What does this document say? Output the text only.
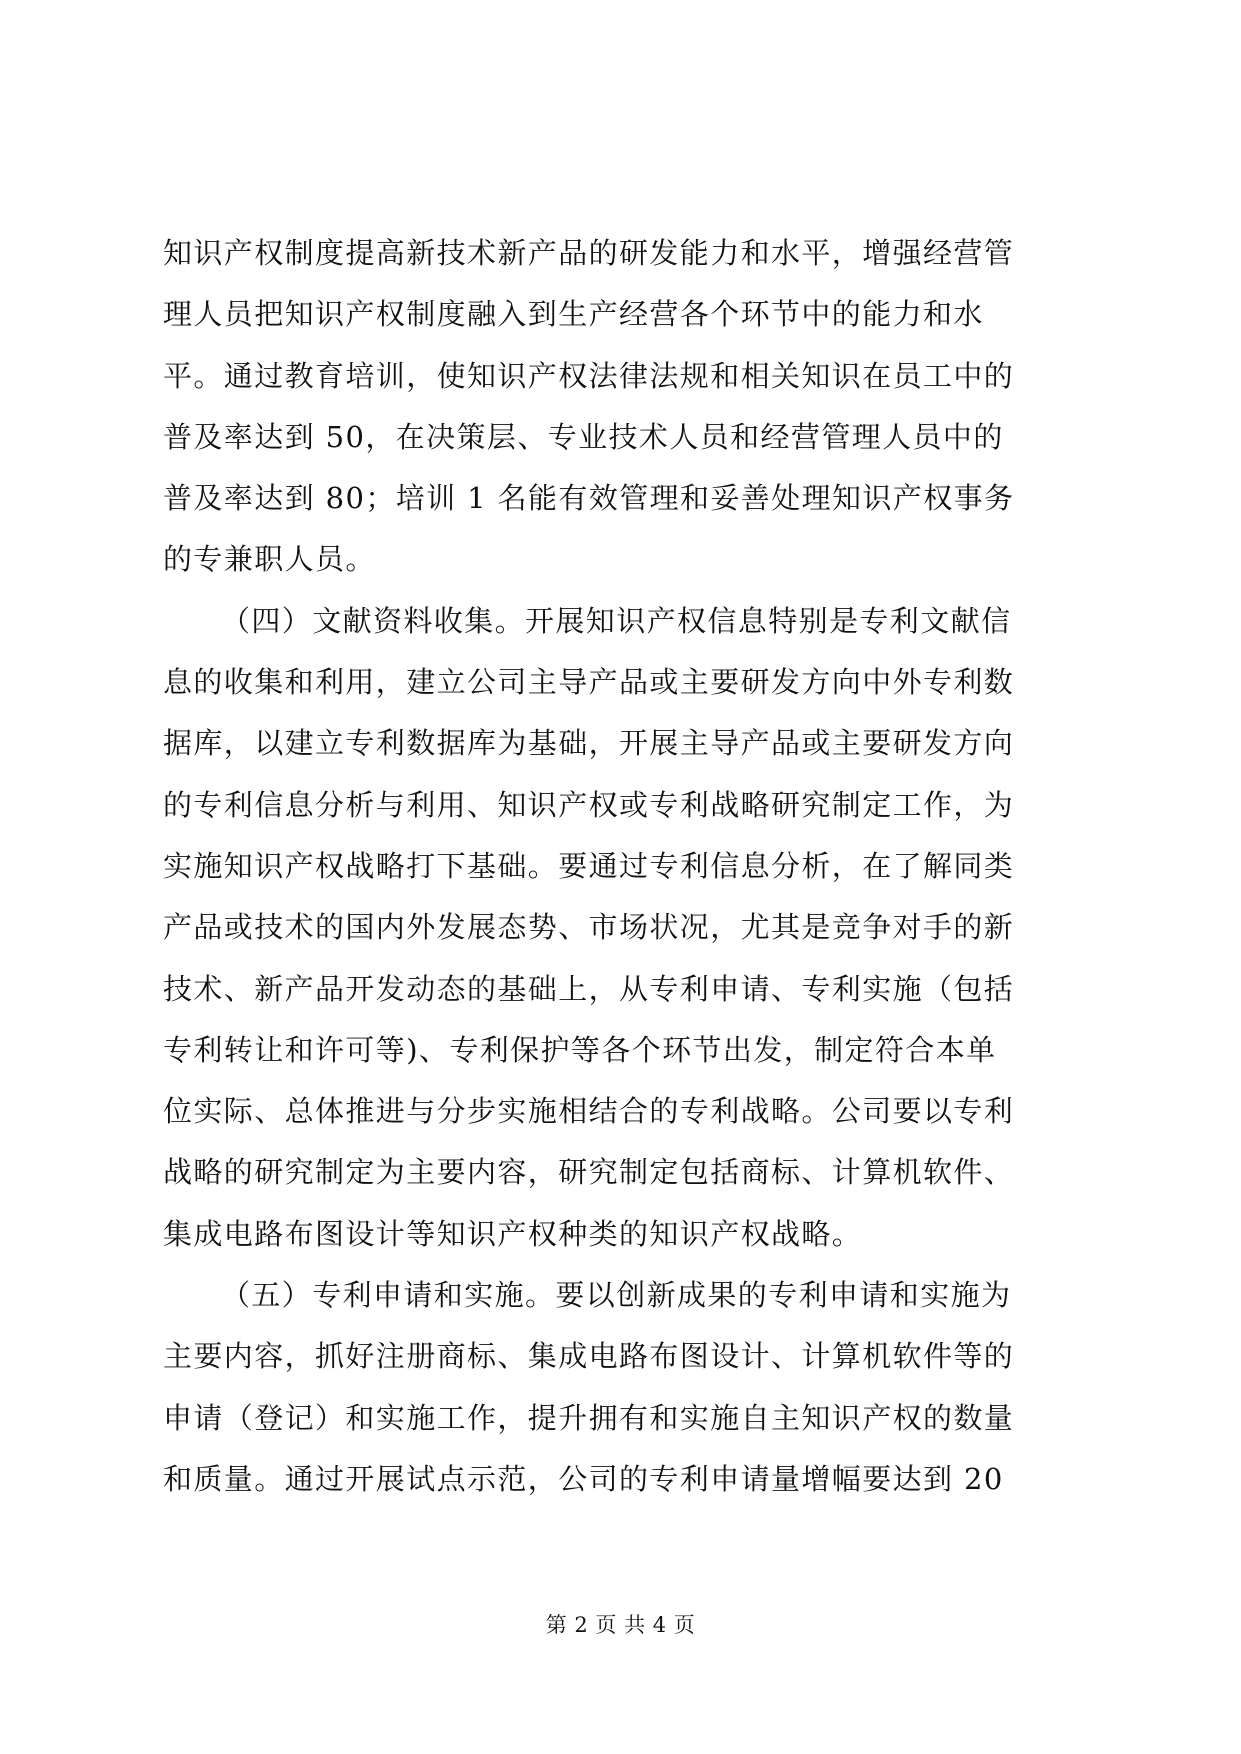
知识产权制度提高新技术新产品的研发能力和水平，增强经营管
理人员把知识产权制度融入到生产经营各个环节中的能力和水
平。通过教育培训，使知识产权法律法规和相关知识在员工中的
普及率达到 50，在决策层、专业技术人员和经营管理人员中的
普及率达到 80；培训 1 名能有效管理和妥善处理知识产权事务
的专兼职人员。
（四）文献资料收集。开展知识产权信息特别是专利文献信
息的收集和利用，建立公司主导产品或主要研发方向中外专利数
据库，以建立专利数据库为基础，开展主导产品或主要研发方向
的专利信息分析与利用、知识产权或专利战略研究制定工作，为
实施知识产权战略打下基础。要通过专利信息分析，在了解同类
产品或技术的国内外发展态势、市场状况，尤其是竞争对手的新
技术、新产品开发动态的基础上，从专利申请、专利实施（包括
专利转让和许可等)、专利保护等各个环节出发，制定符合本单
位实际、总体推进与分步实施相结合的专利战略。公司要以专利
战略的研究制定为主要内容，研究制定包括商标、计算机软件、
集成电路布图设计等知识产权种类的知识产权战略。
（五）专利申请和实施。要以创新成果的专利申请和实施为
主要内容，抓好注册商标、集成电路布图设计、计算机软件等的
申请（登记）和实施工作，提升拥有和实施自主知识产权的数量
和质量。通过开展试点示范，公司的专利申请量增幅要达到 20
第 2 页 共 4 页
